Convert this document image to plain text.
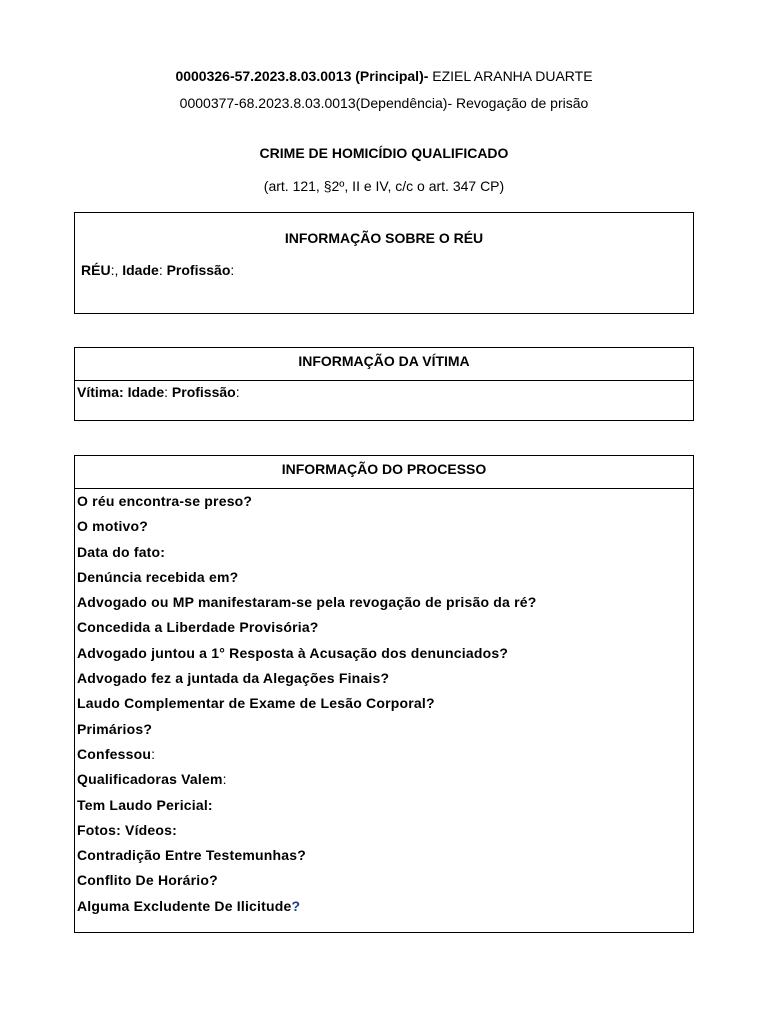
0000326-57.2023.8.03.0013 (Principal)- EZIEL ARANHA DUARTE
0000377-68.2023.8.03.0013(Dependência)- Revogação de prisão
CRIME DE HOMICÍDIO QUALIFICADO
(art. 121, §2º, II e IV, c/c o art. 347 CP)
INFORMAÇÃO SOBRE O RÉU
RÉU:, Idade: Profissão:
INFORMAÇÃO DA VÍTIMA
Vítima: Idade: Profissão:
INFORMAÇÃO DO PROCESSO
O réu encontra-se preso?
O motivo?
Data do fato:
Denúncia recebida em?
Advogado ou MP manifestaram-se pela revogação de prisão da ré?
Concedida a Liberdade Provisória?
Advogado juntou a 1° Resposta à Acusação dos denunciados?
Advogado fez a juntada da Alegações Finais?
Laudo Complementar de Exame de Lesão Corporal?
Primários?
Confessou:
Qualificadoras Valem:
Tem Laudo Pericial:
Fotos: Vídeos:
Contradição Entre Testemunhas?
Conflito De Horário?
Alguma Excludente De Ilicitude?
